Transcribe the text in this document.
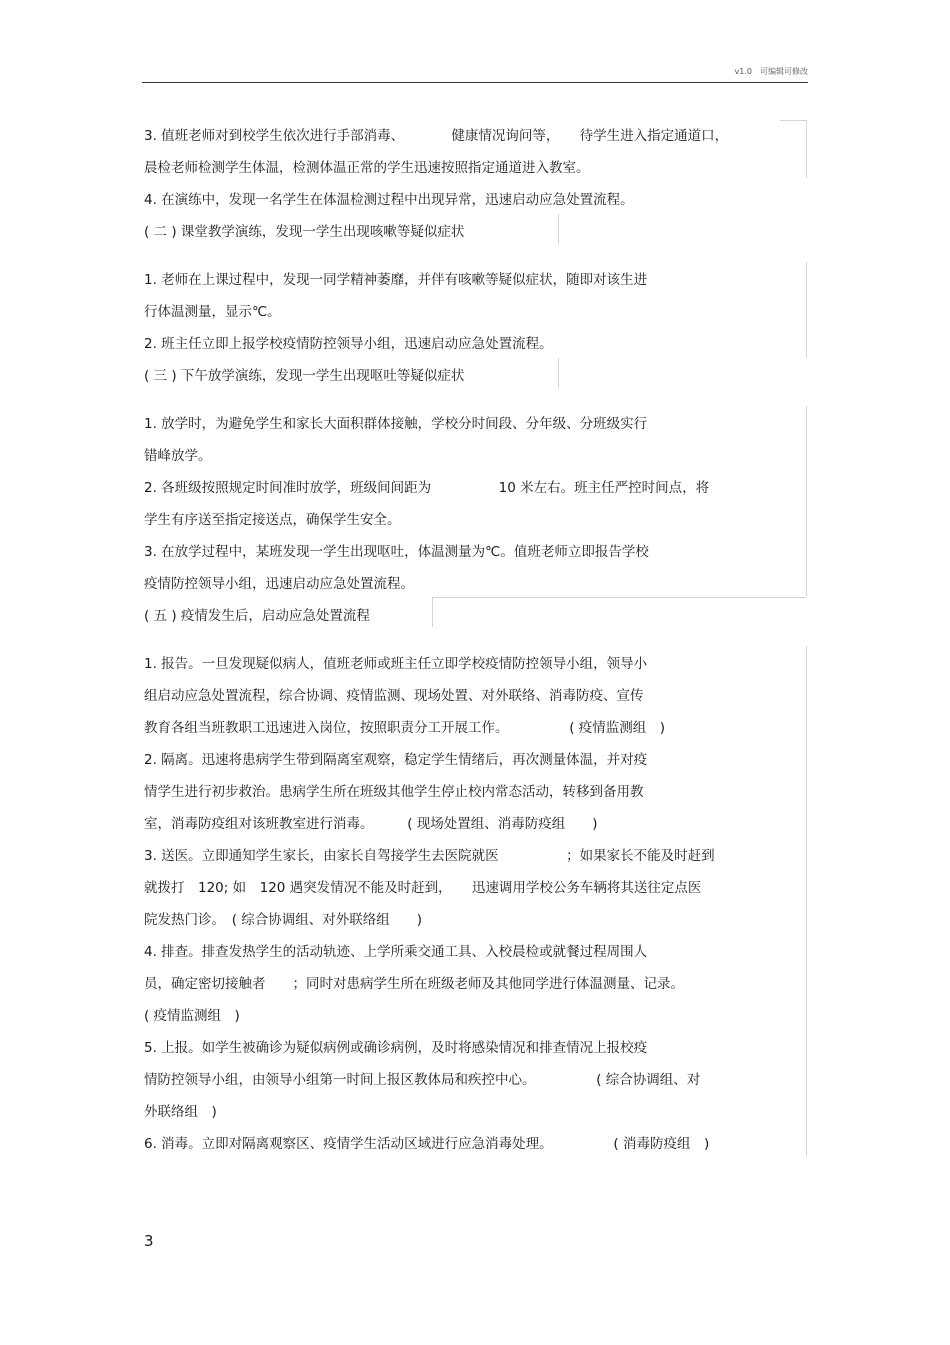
v1.0　可编辑可修改
3. 值班老师对到校学生依次进行手部消毒、　　　　健康情况询问等，　　待学生进入指定通道口，
晨检老师检测学生体温，检测体温正常的学生迅速按照指定通道进入教室。
4. 在演练中，发现一名学生在体温检测过程中出现异常，迅速启动应急处置流程。
( 二 ) 课堂教学演练，发现一学生出现咳嗽等疑似症状
1. 老师在上课过程中，发现一同学精神萎靡，并伴有咳嗽等疑似症状，随即对该生进
行体温测量，显示℃。
2. 班主任立即上报学校疫情防控领导小组，迅速启动应急处置流程。
( 三 ) 下午放学演练，发现一学生出现呕吐等疑似症状
1. 放学时，为避免学生和家长大面积群体接触，学校分时间段、分年级、分班级实行
错峰放学。
2. 各班级按照规定时间准时放学，班级间间距为　　　　　10 米左右。班主任严控时间点，将
学生有序送至指定接送点，确保学生安全。
3. 在放学过程中，某班发现一学生出现呕吐，体温测量为℃。值班老师立即报告学校
疫情防控领导小组，迅速启动应急处置流程。
( 五 ) 疫情发生后，启动应急处置流程
1. 报告。一旦发现疑似病人，值班老师或班主任立即学校疫情防控领导小组，领导小
组启动应急处置流程，综合协调、疫情监测、现场处置、对外联络、消毒防疫、宣传
教育各组当班教职工迅速进入岗位，按照职责分工开展工作。　　　　　( 疫情监测组　)
2. 隔离。迅速将患病学生带到隔离室观察，稳定学生情绪后，再次测量体温，并对疫
情学生进行初步救治。患病学生所在班级其他学生停止校内常态活动，转移到备用教
室，消毒防疫组对该班教室进行消毒。　　　( 现场处置组、消毒防疫组　　)
3. 送医。立即通知学生家长，由家长自驾接学生去医院就医　　　　　；如果家长不能及时赶到
就拨打　120; 如　120 遇突发情况不能及时赶到，　　迅速调用学校公务车辆将其送往定点医
院发热门诊。　( 综合协调组、对外联络组　　)
4. 排查。排查发热学生的活动轨迹、上学所乘交通工具、入校晨检或就餐过程周围人
员，确定密切接触者　　；同时对患病学生所在班级老师及其他同学进行体温测量、记录。
( 疫情监测组　)
5. 上报。如学生被确诊为疑似病例或确诊病例，及时将感染情况和排查情况上报校疫
情防控领导小组，由领导小组第一时间上报区教体局和疾控中心。　　　　　( 综合协调组、对
外联络组　)
6. 消毒。立即对隔离观察区、疫情学生活动区域进行应急消毒处理。　　　　　( 消毒防疫组　)
3
